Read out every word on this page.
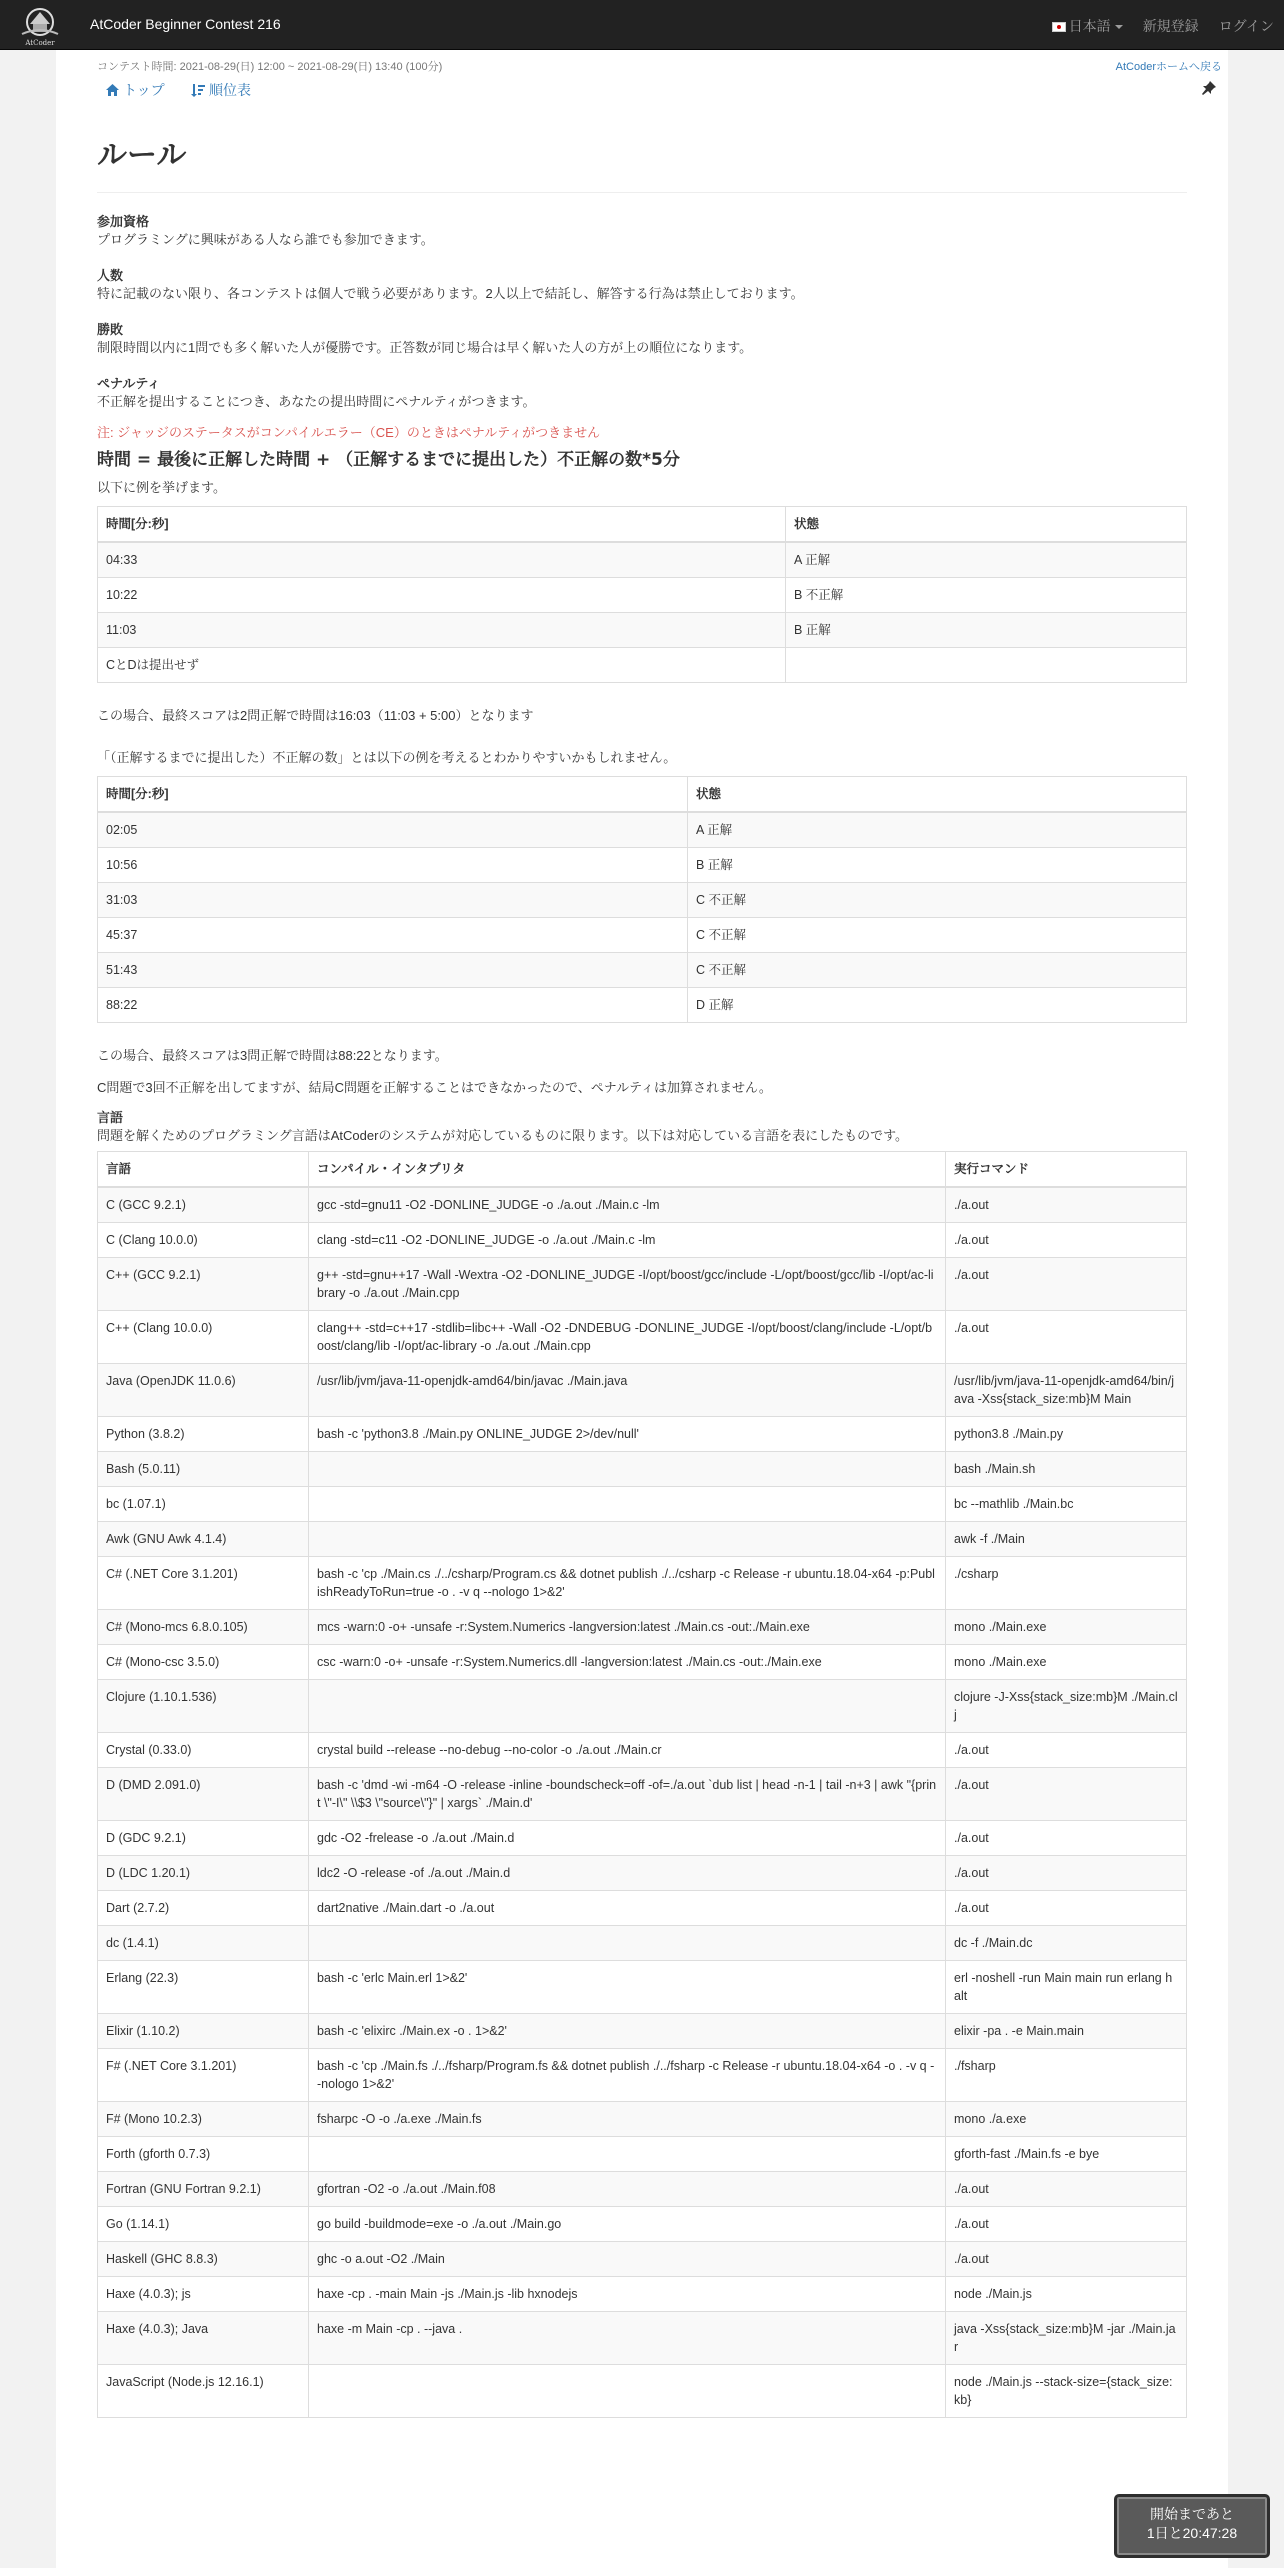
AtCoder
AtCoder Beginner Contest 216	日本語	新規登録 ログイン
コンテスト時間: 2021-08-29(日) 12:00 ~ 2021-08-29(日) 13:40 (100分)	AtCoderホームへ戻る
トップ	順位表
ルール
参加資格
プログラミングに興味がある人なら誰でも参加できます。
人数
特に記載のない限り、各コンテストは個人で戦う必要があります。2人以上で結託し、解答する行為は禁止しております。
勝敗
制限時間以内に1問でも多く解いた人が優勝です。正答数が同じ場合は早く解いた人の方が上の順位になります。
ペナルティ
不正解を提出することにつき、あなたの提出時間にペナルティがつきます。
注: ジャッジのステータスがコンパイルエラー（CE）のときはペナルティがつきません
時間 = 最後に正解した時間 + （正解するまでに提出した）不正解の数*5分
以下に例を挙げます。
時間[分:秒]	状態
04:33	A 正解
10:22	B 不正解
11:03	B 正解
CとDは提出せず	
この場合、最終スコアは2問正解で時間は16:03（11:03 + 5:00）となります
「（正解するまでに提出した）不正解の数」とは以下の例を考えるとわかりやすいかもしれません。
時間[分:秒]	状態
02:05	A 正解
10:56	B 正解
31:03	C 不正解
45:37	C 不正解
51:43	C 不正解
88:22	D 正解
この場合、最終スコアは3問正解で時間は88:22となります。
C問題で3回不正解を出してますが、結局C問題を正解することはできなかったので、ペナルティは加算されません。
言語
問題を解くためのプログラミング言語はAtCoderのシステムが対応しているものに限ります。以下は対応している言語を表にしたものです。
言語	コンパイル・インタプリタ	実行コマンド
C (GCC 9.2.1)	gcc -std=gnu11 -O2 -DONLINE_JUDGE -o ./a.out ./Main.c -lm	./a.out
C (Clang 10.0.0)	clang -std=c11 -O2 -DONLINE_JUDGE -o ./a.out ./Main.c -lm	./a.out
C++ (GCC 9.2.1)	g++ -std=gnu++17 -Wall -Wextra -O2 -DONLINE_JUDGE -I/opt/boost/gcc/include -L/opt/boost/gcc/lib -I/opt/ac-library -o ./a.out ./Main.cpp	./a.out
C++ (Clang 10.0.0)	clang++ -std=c++17 -stdlib=libc++ -Wall -O2 -DNDEBUG -DONLINE_JUDGE -I/opt/boost/clang/include -L/opt/boost/clang/lib -I/opt/ac-library -o ./a.out ./Main.cpp	./a.out
Java (OpenJDK 11.0.6)	/usr/lib/jvm/java-11-openjdk-amd64/bin/javac ./Main.java	/usr/lib/jvm/java-11-openjdk-amd64/bin/java -Xss{stack_size:mb}M Main
Python (3.8.2)	bash -c 'python3.8 ./Main.py ONLINE_JUDGE 2>/dev/null'	python3.8 ./Main.py
Bash (5.0.11)		bash ./Main.sh
bc (1.07.1)		bc --mathlib ./Main.bc
Awk (GNU Awk 4.1.4)		awk -f ./Main
C# (.NET Core 3.1.201)	bash -c 'cp ./Main.cs ./../csharp/Program.cs && dotnet publish ./../csharp -c Release -r ubuntu.18.04-x64 -p:PublishReadyToRun=true -o . -v q --nologo 1>&2'	./csharp
C# (Mono-mcs 6.8.0.105)	mcs -warn:0 -o+ -unsafe -r:System.Numerics -langversion:latest ./Main.cs -out:./Main.exe	mono ./Main.exe
C# (Mono-csc 3.5.0)	csc -warn:0 -o+ -unsafe -r:System.Numerics.dll -langversion:latest ./Main.cs -out:./Main.exe	mono ./Main.exe
Clojure (1.10.1.536)		clojure -J-Xss{stack_size:mb}M ./Main.clj
Crystal (0.33.0)	crystal build --release --no-debug --no-color -o ./a.out ./Main.cr	./a.out
D (DMD 2.091.0)	bash -c 'dmd -wi -m64 -O -release -inline -boundscheck=off -of=./a.out `dub list | head -n-1 | tail -n+3 | awk "{print \"-I\" \\$3 \"source\"}" | xargs` ./Main.d'	./a.out
D (GDC 9.2.1)	gdc -O2 -frelease -o ./a.out ./Main.d	./a.out
D (LDC 1.20.1)	ldc2 -O -release -of ./a.out ./Main.d	./a.out
Dart (2.7.2)	dart2native ./Main.dart -o ./a.out	./a.out
dc (1.4.1)		dc -f ./Main.dc
Erlang (22.3)	bash -c 'erlc Main.erl 1>&2'	erl -noshell -run Main main run erlang halt
Elixir (1.10.2)	bash -c 'elixirc ./Main.ex -o . 1>&2'	elixir -pa . -e Main.main
F# (.NET Core 3.1.201)	bash -c 'cp ./Main.fs ./../fsharp/Program.fs && dotnet publish ./../fsharp -c Release -r ubuntu.18.04-x64 -o . -v q --nologo 1>&2'	./fsharp
F# (Mono 10.2.3)	fsharpc -O -o ./a.exe ./Main.fs	mono ./a.exe
Forth (gforth 0.7.3)		gforth-fast ./Main.fs -e bye
Fortran (GNU Fortran 9.2.1)	gfortran -O2 -o ./a.out ./Main.f08	./a.out
Go (1.14.1)	go build -buildmode=exe -o ./a.out ./Main.go	./a.out
Haskell (GHC 8.8.3)	ghc -o a.out -O2 ./Main	./a.out
Haxe (4.0.3); js	haxe -cp . -main Main -js ./Main.js -lib hxnodejs	node ./Main.js
Haxe (4.0.3); Java	haxe -m Main -cp . --java .	java -Xss{stack_size:mb}M -jar ./Main.jar
JavaScript (Node.js 12.16.1)		node ./Main.js --stack-size={stack_size:kb}
開始まであと
1日と20:47:28
